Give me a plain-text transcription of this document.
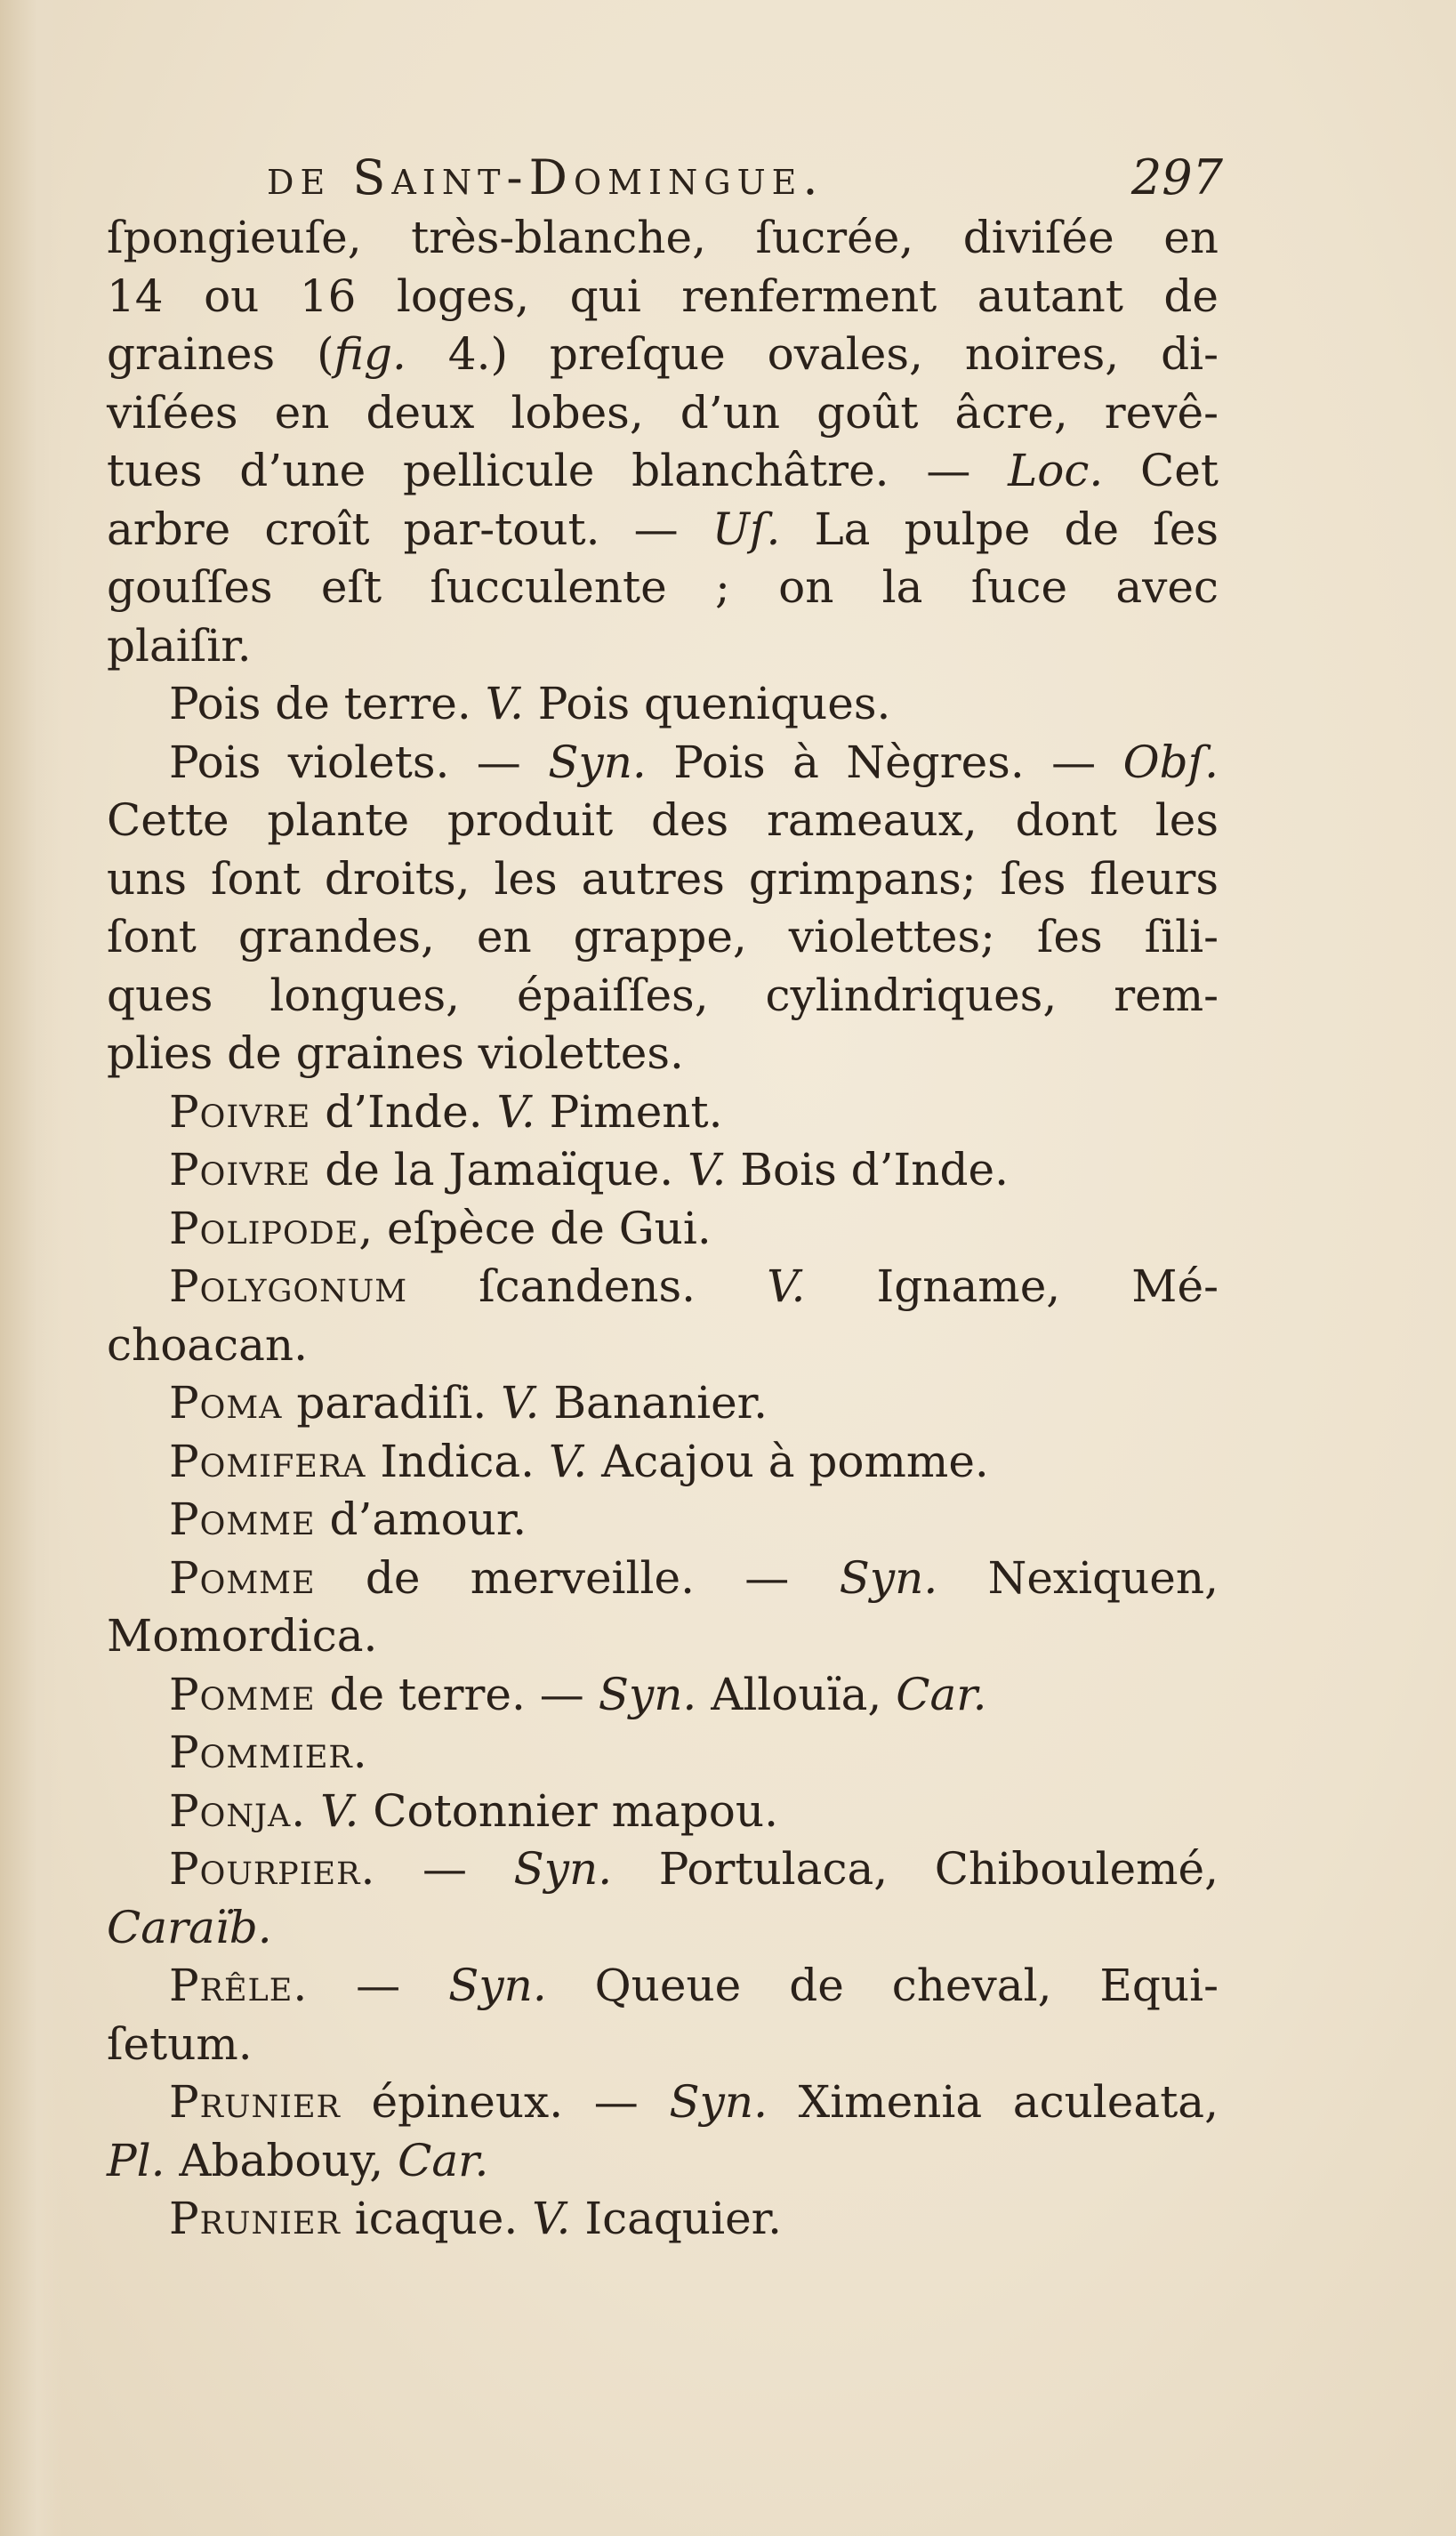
de Saint-Domingue.	297
ſpongieuſe, très-blanche, ſucrée, diviſée en
14 ou 16 loges, qui renferment autant de
graines (fig. 4.) preſque ovales, noires, di-
viſées en deux lobes, d’un goût âcre, revê-
tues d’une pellicule blanchâtre. — Loc. Cet
arbre croît par-tout. — Uſ. La pulpe de ſes
gouſſes eſt ſucculente ; on la ſuce avec
plaiſir.
Pois de terre. V. Pois queniques.
Pois violets. — Syn. Pois à Nègres. — Obſ.
Cette plante produit des rameaux, dont les
uns ſont droits, les autres grimpans; ſes fleurs
ſont grandes, en grappe, violettes; ſes ſili-
ques longues, épaiſſes, cylindriques, rem-
plies de graines violettes.
Poivre d’Inde. V. Piment.
Poivre de la Jamaïque. V. Bois d’Inde.
Polipode, eſpèce de Gui.
Polygonum ſcandens. V. Igname, Mé-
choacan.
Poma paradiſi. V. Bananier.
Pomifera Indica. V. Acajou à pomme.
Pomme d’amour.
Pomme de merveille. — Syn. Nexiquen,
Momordica.
Pomme de terre. — Syn. Allouïa, Car.
Pommier.
Ponja. V. Cotonnier mapou.
Pourpier. — Syn. Portulaca, Chiboulemé,
Caraïb.
Prêle. — Syn. Queue de cheval, Equi-
ſetum.
Prunier épineux. — Syn. Ximenia aculeata,
Pl. Ababouy, Car.
Prunier icaque. V. Icaquier.
